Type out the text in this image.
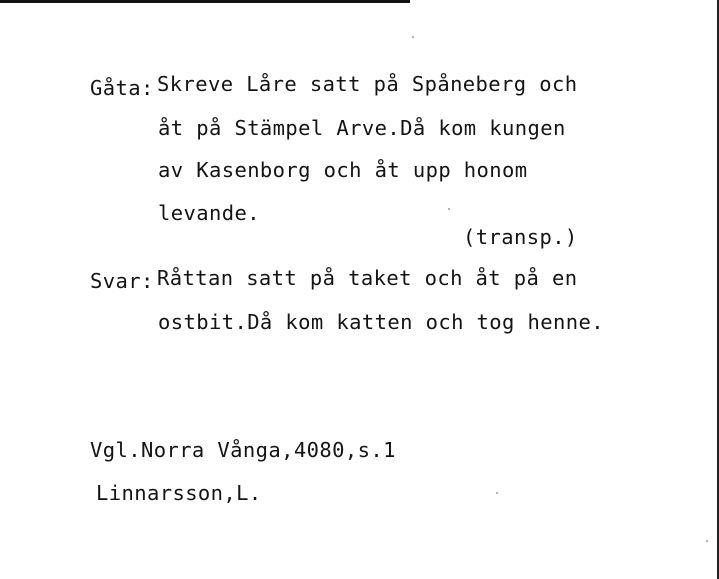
Gåta: Skreve Låre satt på Spåneberg och
åt på Stämpel Arve.Då kom kungen
av Kasenborg och åt upp honom
levande.
(transp.)
Svar: Råttan satt på taket och åt på en
ostbit.Då kom katten och tog henne.
Vgl.Norra Vånga,4080,s.1
Linnarsson,L.
